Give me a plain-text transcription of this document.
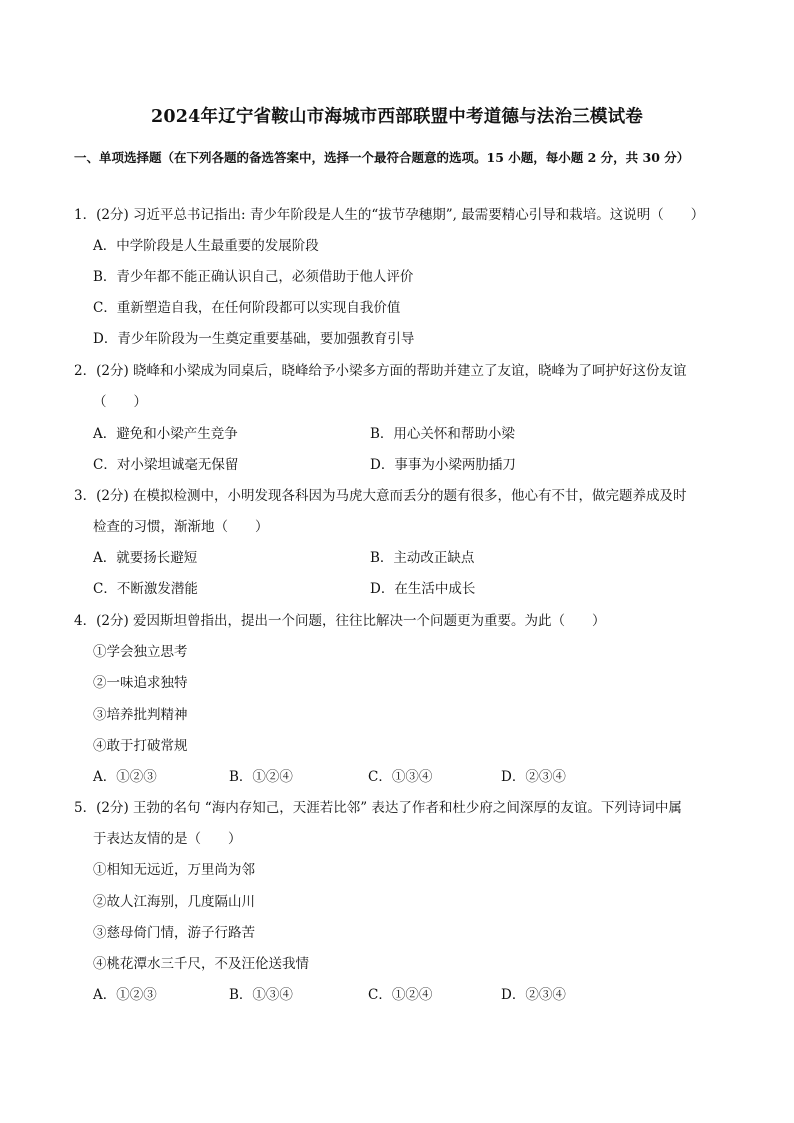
2024年辽宁省鞍山市海城市西部联盟中考道德与法治三模试卷
一、单项选择题（在下列各题的备选答案中，选择一个最符合题意的选项。15 小题，每小题 2 分，共 30 分）
1．(2分) 习近平总书记指出: 青少年阶段是人生的“拔节孕穗期”, 最需要精心引导和栽培。这说明（　　）
A．中学阶段是人生最重要的发展阶段
B．青少年都不能正确认识自己，必须借助于他人评价
C．重新塑造自我，在任何阶段都可以实现自我价值
D．青少年阶段为一生奠定重要基础，要加强教育引导
2．(2分) 晓峰和小梁成为同桌后，晓峰给予小梁多方面的帮助并建立了友谊，晓峰为了呵护好这份友谊
（　　）
A．避免和小梁产生竞争	B．用心关怀和帮助小梁
C．对小梁坦诚毫无保留	D．事事为小梁两肋插刀
3．(2分) 在模拟检测中，小明发现各科因为马虎大意而丢分的题有很多，他心有不甘，做完题养成及时
检查的习惯，渐渐地（　　）
A．就要扬长避短	B．主动改正缺点
C．不断激发潜能	D．在生活中成长
4．(2分) 爱因斯坦曾指出，提出一个问题，往往比解决一个问题更为重要。为此（　　）
①学会独立思考
②一味追求独特
③培养批判精神
④敢于打破常规
A．①②③	B．①②④	C．①③④	D．②③④
5．(2分) 王勃的名句 “海内存知己，天涯若比邻” 表达了作者和杜少府之间深厚的友谊。下列诗词中属
于表达友情的是（　　）
①相知无远近，万里尚为邻
②故人江海别，几度隔山川
③慈母倚门情，游子行路苦
④桃花潭水三千尺，不及汪伦送我情
A．①②③	B．①③④	C．①②④	D．②③④
